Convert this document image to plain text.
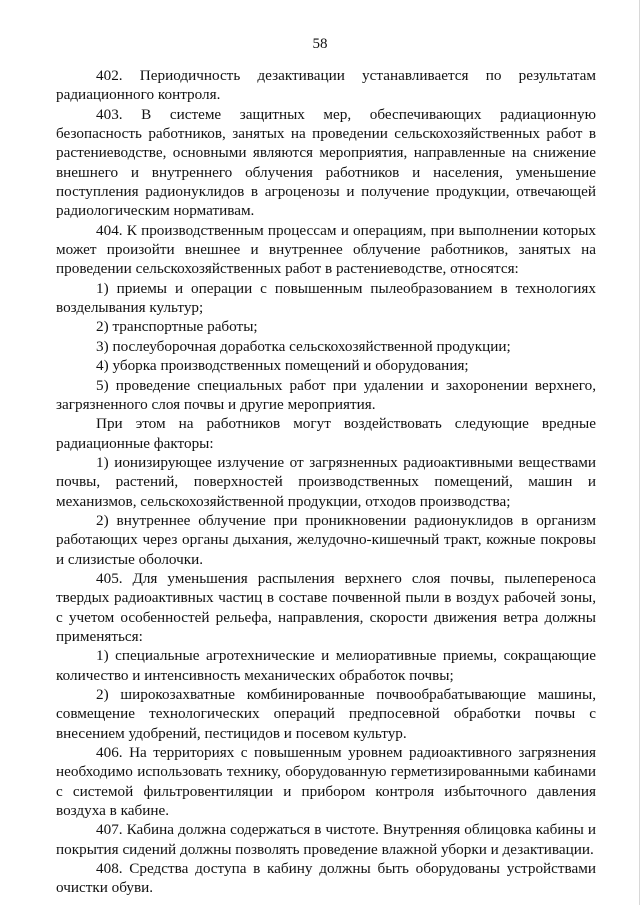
58

402. Периодичность дезактивации устанавливается по результатам радиационного контроля.

403. В системе защитных мер, обеспечивающих радиационную безопасность работников, занятых на проведении сельскохозяйственных работ в растениеводстве, основными являются мероприятия, направленные на снижение внешнего и внутреннего облучения работников и населения, уменьшение поступления радионуклидов в агроценозы и получение продукции, отвечающей радиологическим нормативам.

404. К производственным процессам и операциям, при выполнении которых может произойти внешнее и внутреннее облучение работников, занятых на проведении сельскохозяйственных работ в растениеводстве, относятся:

1) приемы и операции с повышенным пылеобразованием в технологиях возделывания культур;

2) транспортные работы;

3) послеуборочная доработка сельскохозяйственной продукции;

4) уборка производственных помещений и оборудования;

5) проведение специальных работ при удалении и захоронении верхнего, загрязненного слоя почвы и другие мероприятия.

При этом на работников могут воздействовать следующие вредные радиационные факторы:

1) ионизирующее излучение от загрязненных радиоактивными веществами почвы, растений, поверхностей производственных помещений, машин и механизмов, сельскохозяйственной продукции, отходов производства;

2) внутреннее облучение при проникновении радионуклидов в организм работающих через органы дыхания, желудочно-кишечный тракт, кожные покровы и слизистые оболочки.

405. Для уменьшения распыления верхнего слоя почвы, пылепереноса твердых радиоактивных частиц в составе почвенной пыли в воздух рабочей зоны, с учетом особенностей рельефа, направления, скорости движения ветра должны применяться:

1) специальные агротехнические и мелиоративные приемы, сокращающие количество и интенсивность механических обработок почвы;

2) широкозахватные комбинированные почвообрабатывающие машины, совмещение технологических операций предпосевной обработки почвы с внесением удобрений, пестицидов и посевом культур.

406. На территориях с повышенным уровнем радиоактивного загрязнения необходимо использовать технику, оборудованную герметизированными кабинами с системой фильтровентиляции и прибором контроля избыточного давления воздуха в кабине.

407. Кабина должна содержаться в чистоте. Внутренняя облицовка кабины и покрытия сидений должны позволять проведение влажной уборки и дезактивации.

408. Средства доступа в кабину должны быть оборудованы устройствами очистки обуви.
